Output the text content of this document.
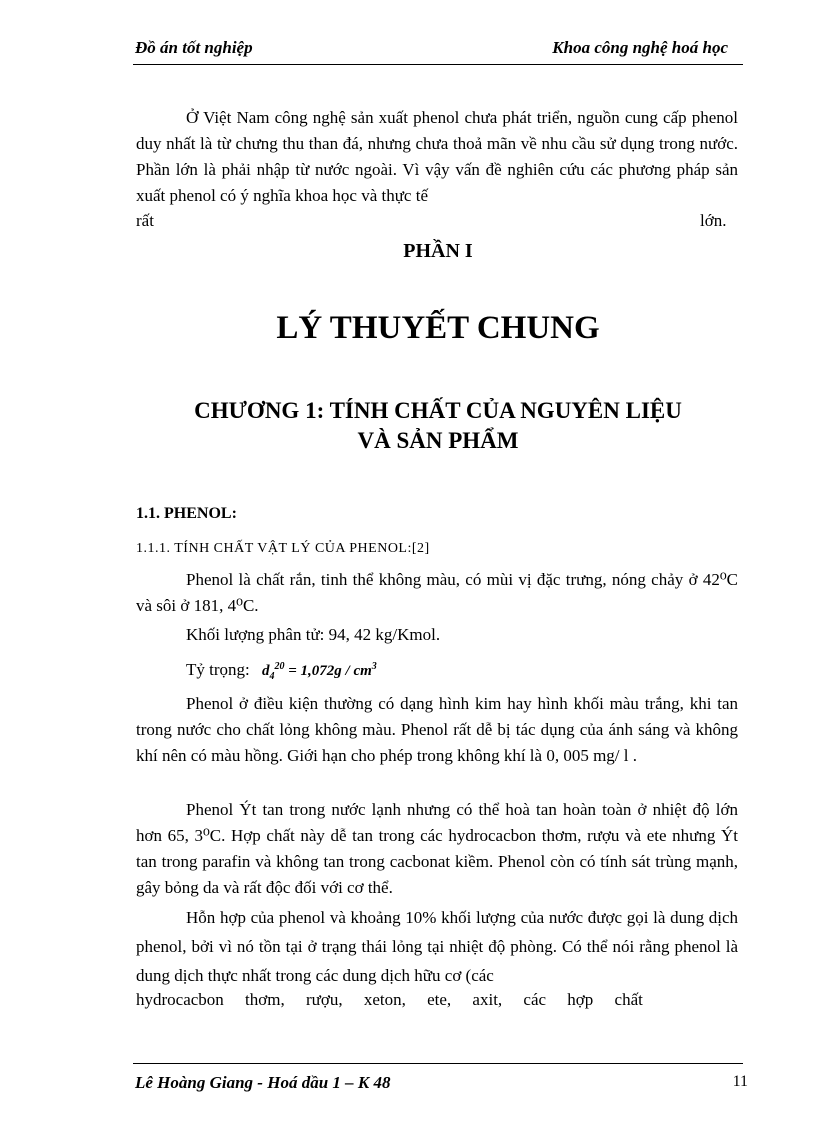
Đồ án tốt nghiệp	Khoa công nghệ hoá học
Ở Việt Nam công nghệ sản xuất phenol chưa phát triển, nguồn cung cấp phenol duy nhất là từ chưng thu than đá, nhưng chưa thoả mãn về nhu cầu sử dụng trong nước. Phần lớn là phải nhập từ nước ngoài. Vì vậy vấn đề nghiên cứu các phương pháp sản xuất phenol có ý nghĩa khoa học và thực tế
rất	lớn.
PHẦN I
LÝ THUYẾT CHUNG
CHƯƠNG 1: TÍNH CHẤT CỦA NGUYÊN LIỆU
VÀ SẢN PHẨM
1.1. PHENOL:
1.1.1. TÍNH CHẤT VẬT LÝ CỦA PHENOL:[2]
Phenol là chất rắn, tinh thể không màu, có mùi vị đặc trưng, nóng chảy ở 42⁰C và sôi ở 181, 4⁰C.
Khối lượng phân tử: 94, 42 kg/Kmol.
Tỷ trọng: $d_4^{20} = 1,072g / cm^3$
Phenol ở điều kiện thường có dạng hình kim hay hình khối màu trắng, khi tan trong nước cho chất lỏng không màu. Phenol rất dễ bị tác dụng của ánh sáng và không khí nên có màu hồng. Giới hạn cho phép trong không khí là 0, 005 mg/ l .
Phenol Ýt tan trong nước lạnh nhưng có thể hoà tan hoàn toàn ở nhiệt độ lớn hơn 65, 3⁰C. Hợp chất này dễ tan trong các hydrocacbon thơm, rượu và ete nhưng Ýt tan trong parafin và không tan trong cacbonat kiềm. Phenol còn có tính sát trùng mạnh, gây bỏng da và rất độc đối với cơ thể.
Hỗn hợp của phenol và khoảng 10% khối lượng của nước được gọi là dung dịch phenol, bởi vì nó tồn tại ở trạng thái lỏng tại nhiệt độ phòng. Có thể nói rằng phenol là dung dịch thực nhất trong các dung dịch hữu cơ (các
hydrocacbon     thơm,     rượu,     xeton,     ete,     axit,     các     hợp     chất
Lê Hoàng Giang - Hoá dầu 1 – K 48	11
